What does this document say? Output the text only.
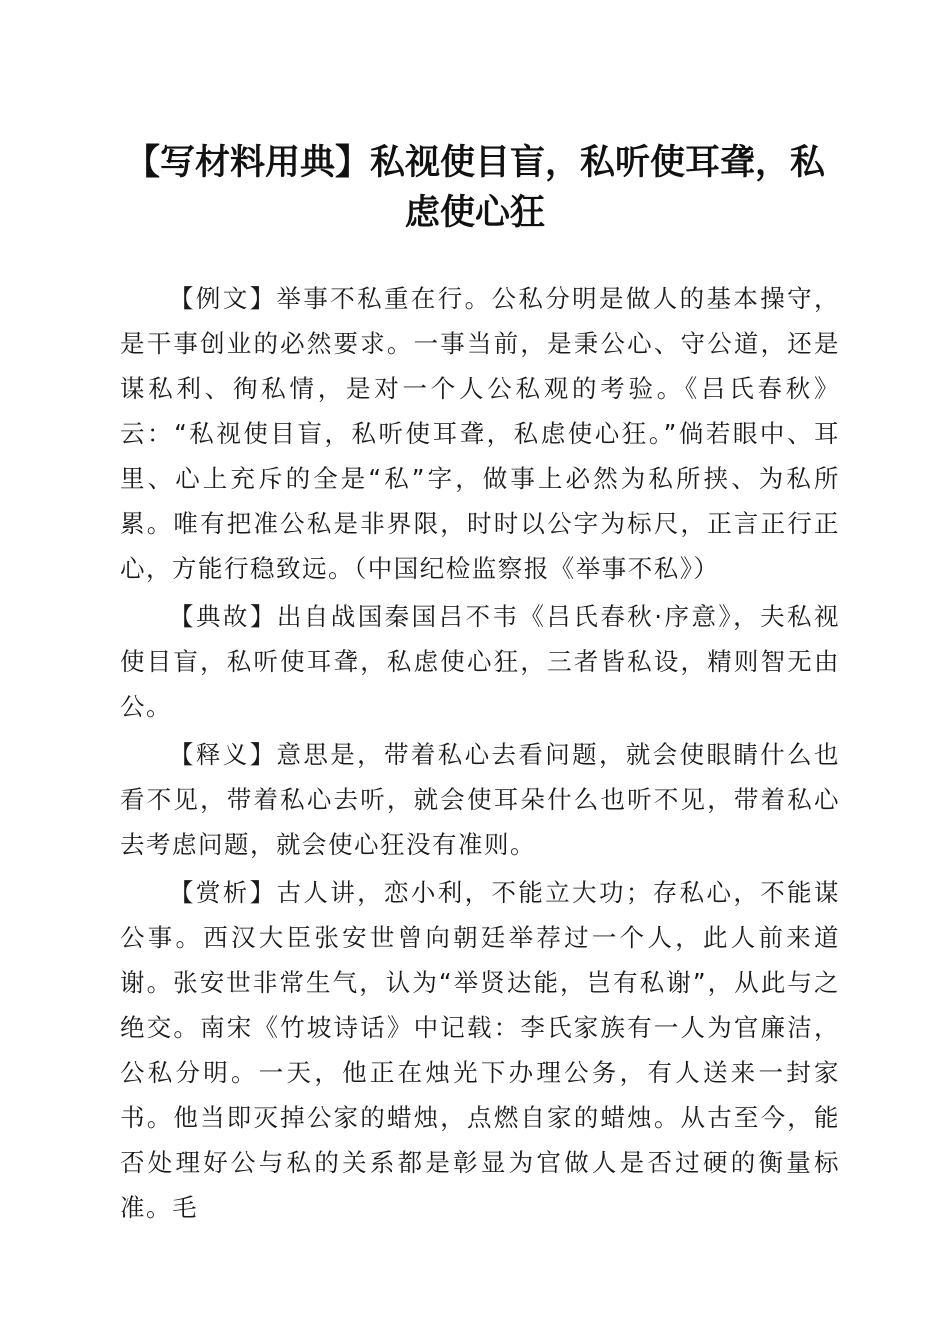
【写材料用典】私视使目盲，私听使耳聋，私虑使心狂

【例文】举事不私重在行。公私分明是做人的基本操守，是干事创业的必然要求。一事当前，是秉公心、守公道，还是谋私利、徇私情，是对一个人公私观的考验。《吕氏春秋》云：“私视使目盲，私听使耳聋，私虑使心狂。”倘若眼中、耳里、心上充斥的全是“私”字，做事上必然为私所挟、为私所累。唯有把准公私是非界限，时时以公字为标尺，正言正行正心，方能行稳致远。（中国纪检监察报《举事不私》）

【典故】出自战国秦国吕不韦《吕氏春秋·序意》，夫私视使目盲，私听使耳聋，私虑使心狂，三者皆私设，精则智无由公。

【释义】意思是，带着私心去看问题，就会使眼睛什么也看不见，带着私心去听，就会使耳朵什么也听不见，带着私心去考虑问题，就会使心狂没有准则。

【赏析】古人讲，恋小利，不能立大功；存私心，不能谋公事。西汉大臣张安世曾向朝廷举荐过一个人，此人前来道谢。张安世非常生气，认为“举贤达能，岂有私谢”，从此与之绝交。南宋《竹坡诗话》中记载：李氏家族有一人为官廉洁，公私分明。一天，他正在烛光下办理公务，有人送来一封家书。他当即灭掉公家的蜡烛，点燃自家的蜡烛。从古至今，能否处理好公与私的关系都是彰显为官做人是否过硬的衡量标准。毛
